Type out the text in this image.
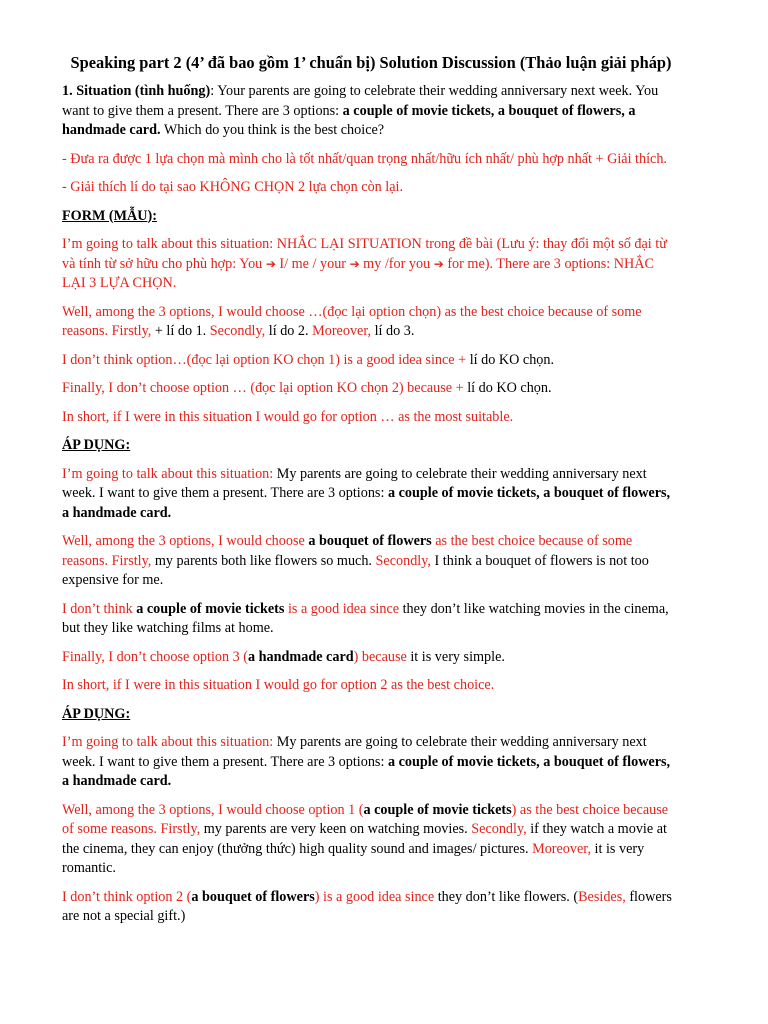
Speaking part 2 (4’ đã bao gồm 1’ chuẩn bị) Solution Discussion (Thảo luận giải pháp)

1. Situation (tình huống): Your parents are going to celebrate their wedding anniversary next week. You want to give them a present. There are 3 options: a couple of movie tickets, a bouquet of flowers, a handmade card. Which do you think is the best choice?

- Đưa ra được 1 lựa chọn mà mình cho là tốt nhất/quan trọng nhất/hữu ích nhất/ phù hợp nhất + Giải thích.

- Giải thích lí do tại sao KHÔNG CHỌN 2 lựa chọn còn lại.

FORM (MẪU):

I’m going to talk about this situation: NHẮC LẠI SITUATION trong đề bài (Lưu ý: thay đổi một số đại từ và tính từ sở hữu cho phù hợp: You ➔ I/ me / your ➔ my /for you ➔ for me). There are 3 options: NHẮC LẠI 3 LỰA CHỌN.

Well, among the 3 options, I would choose …(đọc lại option chọn) as the best choice because of some reasons. Firstly, + lí do 1. Secondly, lí do 2. Moreover, lí do 3.

I don’t think option…(đọc lại option KO chọn 1) is a good idea since + lí do KO chọn.

Finally, I don’t choose option … (đọc lại option KO chọn 2) because + lí do KO chọn.

In short, if I were in this situation I would go for option … as the most suitable.

ÁP DỤNG:

I’m going to talk about this situation: My parents are going to celebrate their wedding anniversary next week. I want to give them a present. There are 3 options: a couple of movie tickets, a bouquet of flowers, a handmade card.

Well, among the 3 options, I would choose a bouquet of flowers as the best choice because of some reasons. Firstly, my parents both like flowers so much. Secondly, I think a bouquet of flowers is not too expensive for me.

I don’t think a couple of movie tickets is a good idea since they don’t like watching movies in the cinema, but they like watching films at home.

Finally, I don’t choose option 3 (a handmade card) because it is very simple.

In short, if I were in this situation I would go for option 2 as the best choice.

ÁP DỤNG:

I’m going to talk about this situation: My parents are going to celebrate their wedding anniversary next week. I want to give them a present. There are 3 options: a couple of movie tickets, a bouquet of flowers, a handmade card.

Well, among the 3 options, I would choose option 1 (a couple of movie tickets) as the best choice because of some reasons. Firstly, my parents are very keen on watching movies. Secondly, if they watch a movie at the cinema, they can enjoy (thưởng thức) high quality sound and images/ pictures. Moreover, it is very romantic.

I don’t think option 2 (a bouquet of flowers) is a good idea since they don’t like flowers. (Besides, flowers are not a special gift.)
